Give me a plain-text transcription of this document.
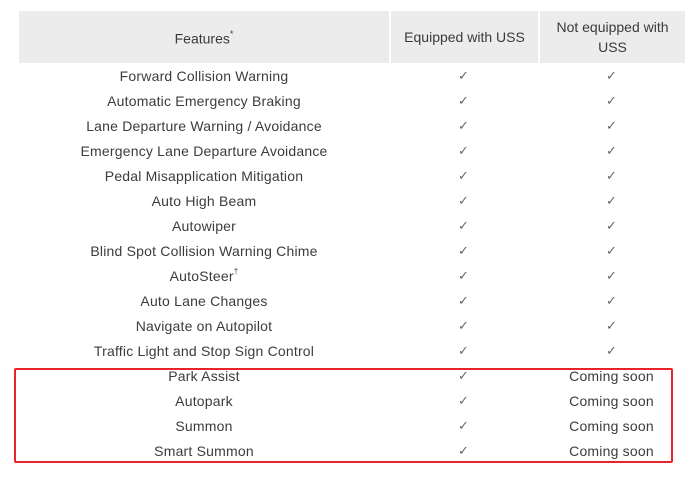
Features*	Equipped with USS	Not equipped with USS
Forward Collision Warning	✓	✓
Automatic Emergency Braking	✓	✓
Lane Departure Warning / Avoidance	✓	✓
Emergency Lane Departure Avoidance	✓	✓
Pedal Misapplication Mitigation	✓	✓
Auto High Beam	✓	✓
Autowiper	✓	✓
Blind Spot Collision Warning Chime	✓	✓
AutoSteer†	✓	✓
Auto Lane Changes	✓	✓
Navigate on Autopilot	✓	✓
Traffic Light and Stop Sign Control	✓	✓
Park Assist	✓	Coming soon
Autopark	✓	Coming soon
Summon	✓	Coming soon
Smart Summon	✓	Coming soon
